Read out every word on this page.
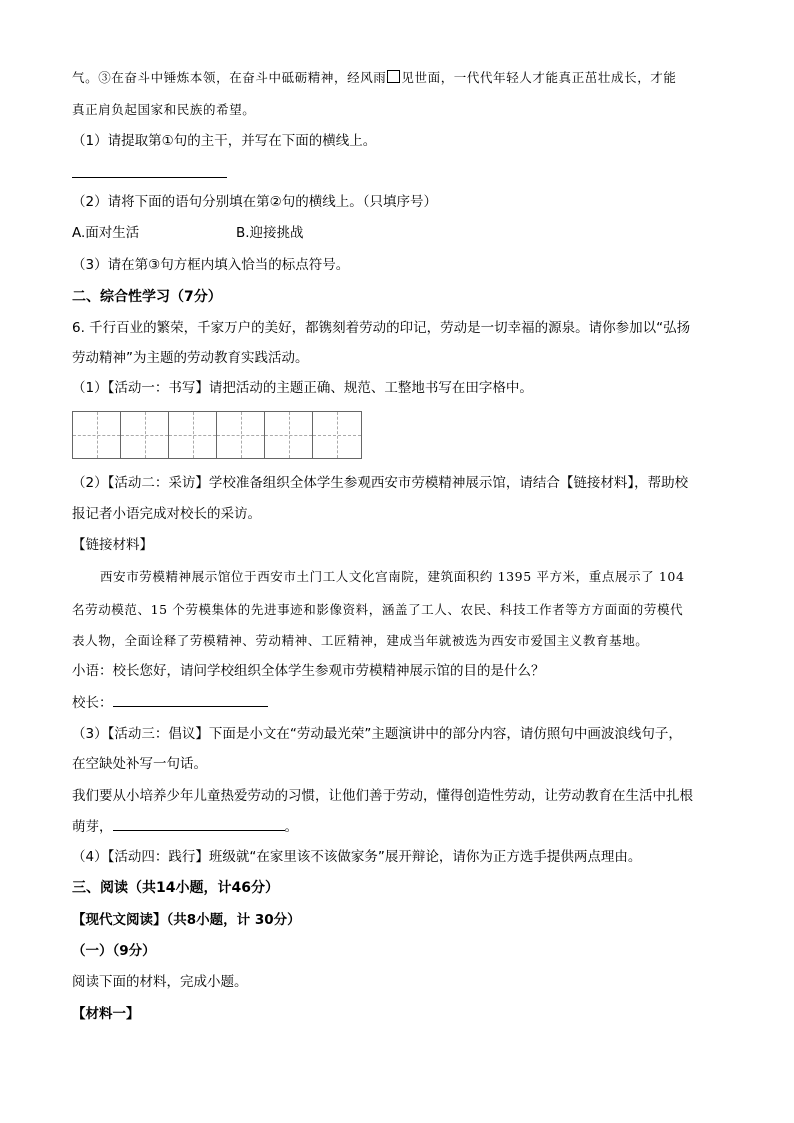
气。③在奋斗中锤炼本领，在奋斗中砥砺精神，经风雨 见世面，一代代年轻人才能真正茁壮成长，才能
真正肩负起国家和民族的希望。
（1）请提取第①句的主干，并写在下面的横线上。
（2）请将下面的语句分别填在第②句的横线上。（只填序号）
A.面对生活	B.迎接挑战
（3）请在第③句方框内填入恰当的标点符号。
二、综合性学习（7分）
6. 千行百业的繁荣，千家万户的美好，都镌刻着劳动的印记，劳动是一切幸福的源泉。请你参加以“弘扬
劳动精神”为主题的劳动教育实践活动。
（1）【活动一：书写】请把活动的主题正确、规范、工整地书写在田字格中。
（2）【活动二：采访】学校准备组织全体学生参观西安市劳模精神展示馆，请结合【链接材料】，帮助校
报记者小语完成对校长的采访。
【链接材料】
西安市劳模精神展示馆位于西安市土门工人文化宫南院，建筑面积约 1395 平方米，重点展示了 104
名劳动模范、15 个劳模集体的先进事迹和影像资料，涵盖了工人、农民、科技工作者等方方面面的劳模代
表人物，全面诠释了劳模精神、劳动精神、工匠精神，建成当年就被选为西安市爱国主义教育基地。
小语：校长您好，请问学校组织全体学生参观市劳模精神展示馆的目的是什么？
校长：
（3）【活动三：倡议】下面是小文在“劳动最光荣”主题演讲中的部分内容，请仿照句中画波浪线句子，
在空缺处补写一句话。
我们要从小培养少年儿童热爱劳动的习惯，让他们善于劳动，懂得创造性劳动，让劳动教育在生活中扎根
萌芽，	。
（4）【活动四：践行】班级就“在家里该不该做家务”展开辩论，请你为正方选手提供两点理由。
三、阅读（共14小题，计46分）
【现代文阅读】（共8小题，计 30分）
（一）（9分）
阅读下面的材料，完成小题。
【材料一】
